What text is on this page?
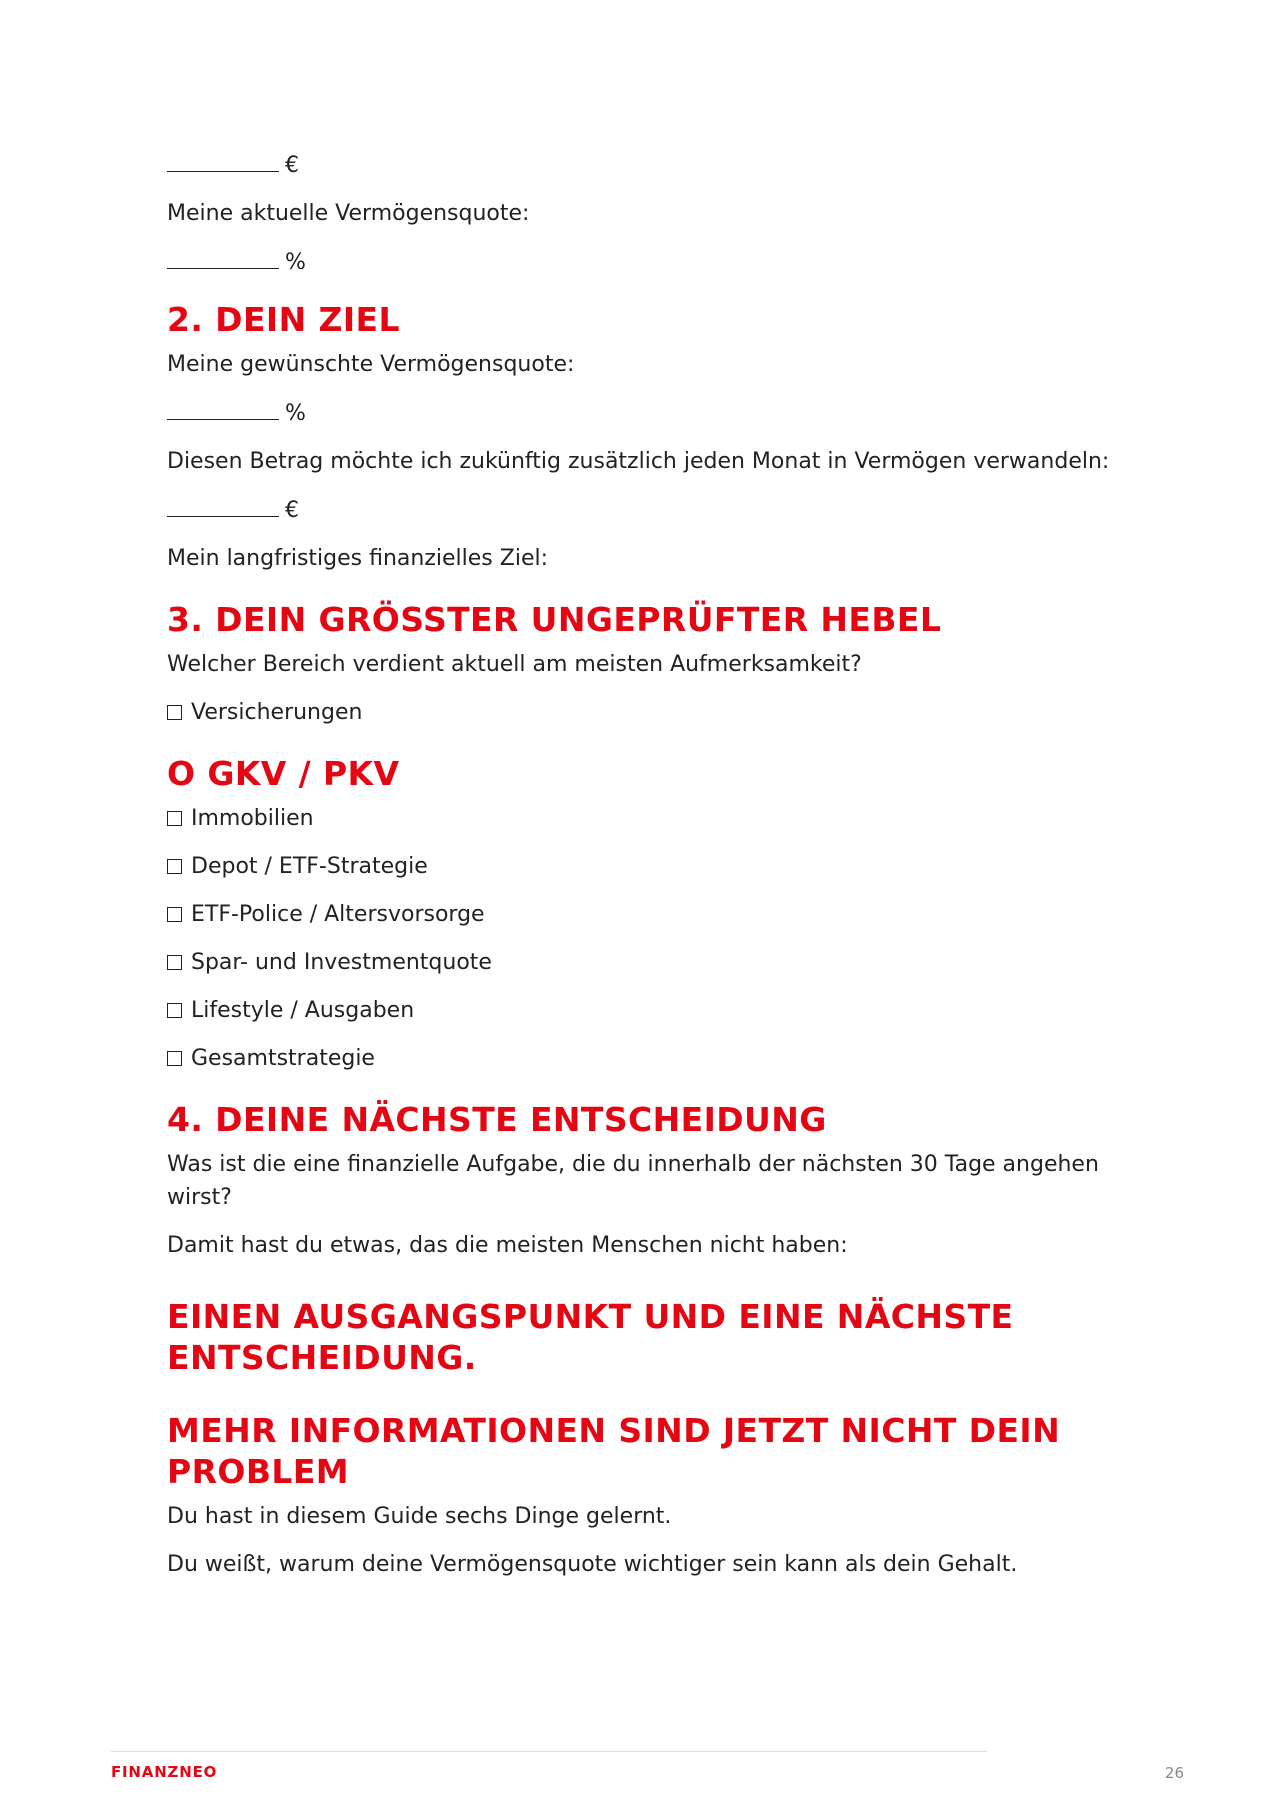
€
Meine aktuelle Vermögensquote:
%
2. DEIN ZIEL
Meine gewünschte Vermögensquote:
%
Diesen Betrag möchte ich zukünftig zusätzlich jeden Monat in Vermögen verwandeln:
€
Mein langfristiges finanzielles Ziel:
3. DEIN GRÖSSTER UNGEPRÜFTER HEBEL
Welcher Bereich verdient aktuell am meisten Aufmerksamkeit?
Versicherungen
O GKV / PKV
Immobilien
Depot / ETF-Strategie
ETF-Police / Altersvorsorge
Spar- und Investmentquote
Lifestyle / Ausgaben
Gesamtstrategie
4. DEINE NÄCHSTE ENTSCHEIDUNG
Was ist die eine finanzielle Aufgabe, die du innerhalb der nächsten 30 Tage angehen wirst?
Damit hast du etwas, das die meisten Menschen nicht haben:
EINEN AUSGANGSPUNKT UND EINE NÄCHSTE ENTSCHEIDUNG.
MEHR INFORMATIONEN SIND JETZT NICHT DEIN PROBLEM
Du hast in diesem Guide sechs Dinge gelernt.
Du weißt, warum deine Vermögensquote wichtiger sein kann als dein Gehalt.
FINANZNEO	26
